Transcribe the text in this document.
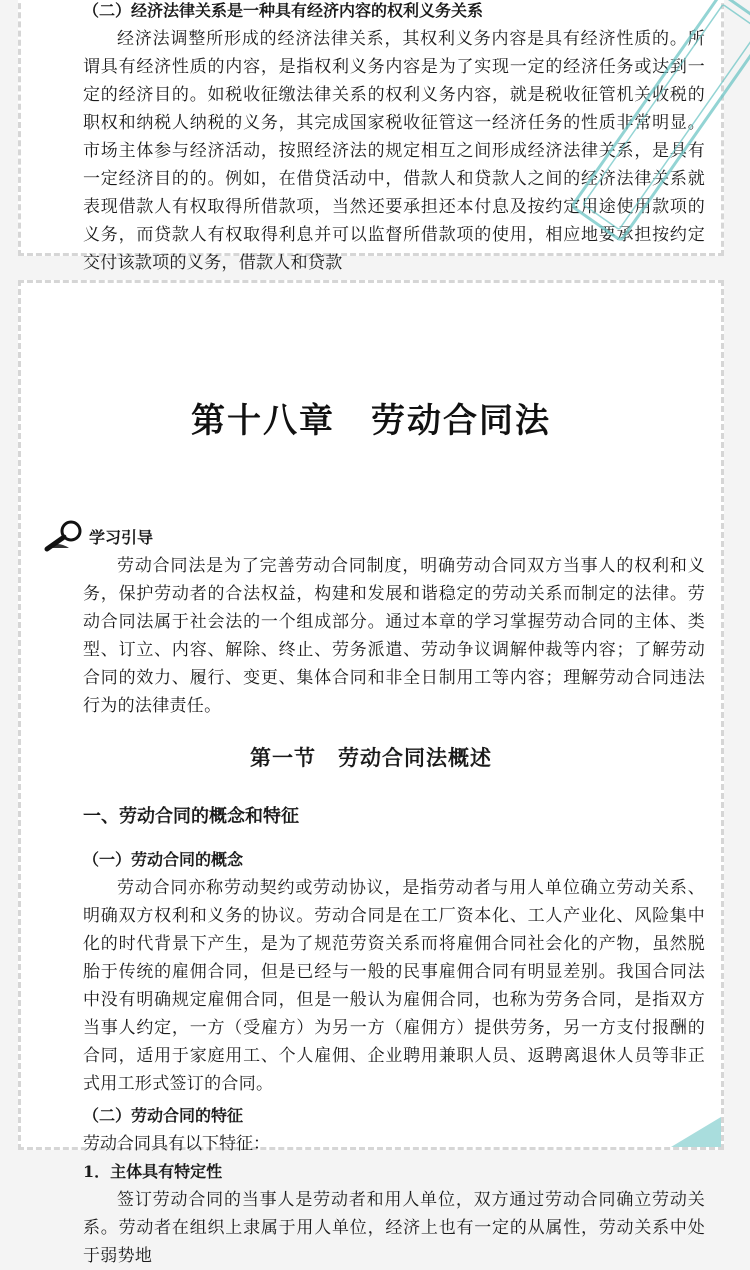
（二）经济法律关系是一种具有经济内容的权利义务关系

经济法调整所形成的经济法律关系，其权利义务内容是具有经济性质的。所谓具有经济性质的内容，是指权利义务内容是为了实现一定的经济任务或达到一定的经济目的。如税收征缴法律关系的权利义务内容，就是税收征管机关收税的职权和纳税人纳税的义务，其完成国家税收征管这一经济任务的性质非常明显。市场主体参与经济活动，按照经济法的规定相互之间形成经济法律关系，是具有一定经济目的的。例如，在借贷活动中，借款人和贷款人之间的经济法律关系就表现借款人有权取得所借款项，当然还要承担还本付息及按约定用途使用款项的义务，而贷款人有权取得利息并可以监督所借款项的使用，相应地要承担按约定交付该款项的义务，借款人和贷款

第十八章　劳动合同法
学习引导

劳动合同法是为了完善劳动合同制度，明确劳动合同双方当事人的权利和义务，保护劳动者的合法权益，构建和发展和谐稳定的劳动关系而制定的法律。劳动合同法属于社会法的一个组成部分。通过本章的学习掌握劳动合同的主体、类型、订立、内容、解除、终止、劳务派遣、劳动争议调解仲裁等内容；了解劳动合同的效力、履行、变更、集体合同和非全日制用工等内容；理解劳动合同违法行为的法律责任。

第一节　劳动合同法概述
一、劳动合同的概念和特征

（一）劳动合同的概念

劳动合同亦称劳动契约或劳动协议，是指劳动者与用人单位确立劳动关系、明确双方权利和义务的协议。劳动合同是在工厂资本化、工人产业化、风险集中化的时代背景下产生，是为了规范劳资关系而将雇佣合同社会化的产物，虽然脱胎于传统的雇佣合同，但是已经与一般的民事雇佣合同有明显差别。我国合同法中没有明确规定雇佣合同，但是一般认为雇佣合同，也称为劳务合同，是指双方当事人约定，一方（受雇方）为另一方（雇佣方）提供劳务，另一方支付报酬的合同，适用于家庭用工、个人雇佣、企业聘用兼职人员、返聘离退休人员等非正式用工形式签订的合同。

（二）劳动合同的特征

劳动合同具有以下特征：

1．主体具有特定性

签订劳动合同的当事人是劳动者和用人单位，双方通过劳动合同确立劳动关系。劳动者在组织上隶属于用人单位，经济上也有一定的从属性，劳动关系中处于弱势地
